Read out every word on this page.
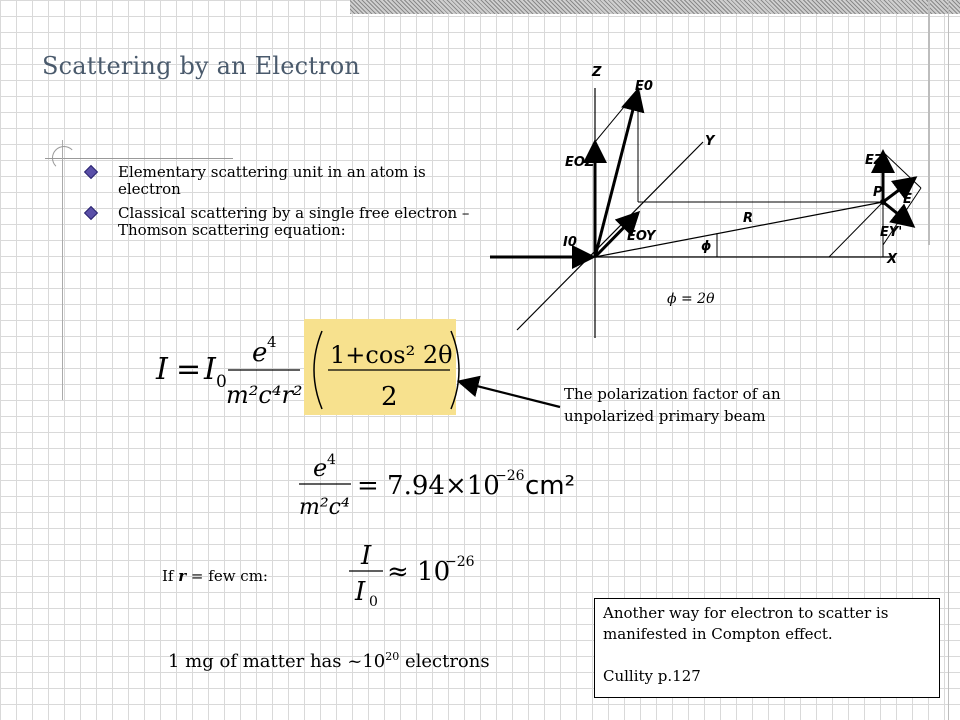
Scattering by an Electron
Elementary scattering unit in an atom is electron
Classical scattering by a single free electron – Thomson scattering equation:
Z
E0
Y
EOZ	EZ
P E
R
I0	EOY
ϕ
EY'
X
ϕ = 2θ
I = I 0
e 4
m²c⁴r²
1+cos² 2θ
2	The polarization factor of an unpolarized primary beam
e 4
m²c⁴
= 7.94×10
−26 cm²
If r = few cm:
I
I 0
≈ 10
−26
1 mg of matter has $\sim 10^{20}$ electrons

Another way for electron to scatter is manifested in Compton effect.

Cullity p.127
